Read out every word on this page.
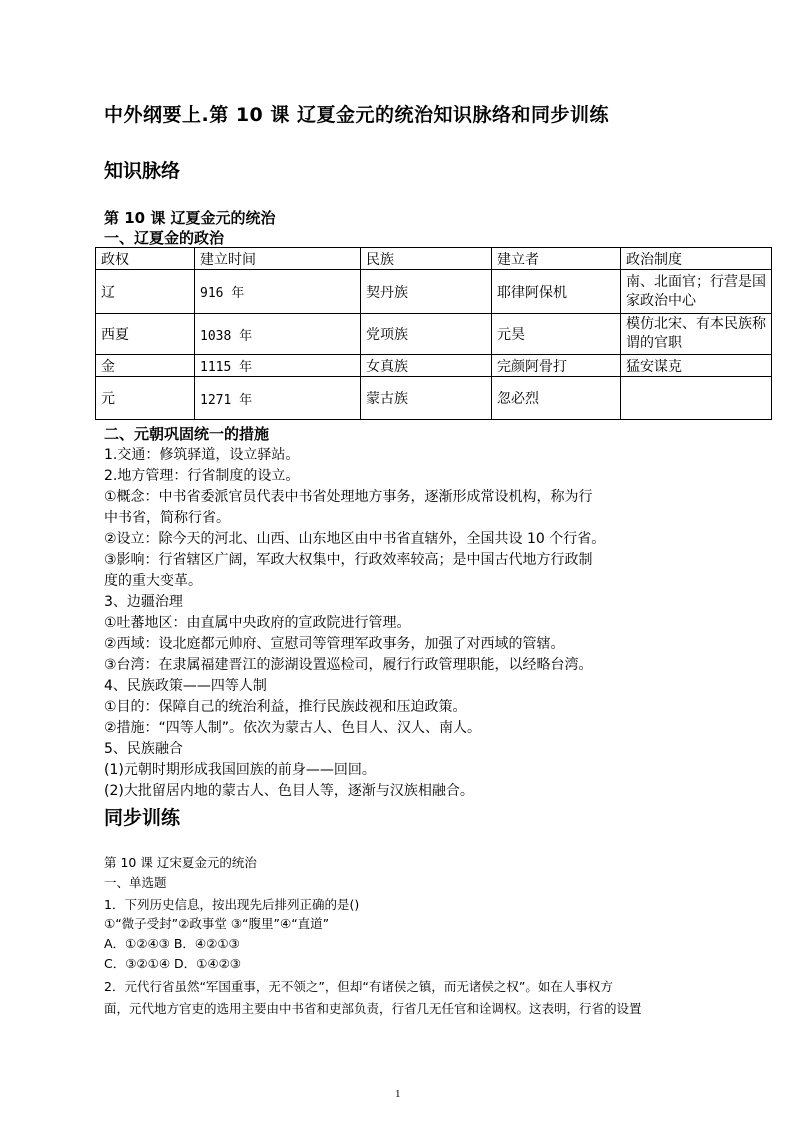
中外纲要上.第 10 课 辽夏金元的统治知识脉络和同步训练
知识脉络
第 10 课 辽夏金元的统治
一、辽夏金的政治
政权	建立时间	民族	建立者	政治制度
辽	916 年	契丹族	耶律阿保机	南、北面官；行营是国家政治中心
西夏	1038 年	党项族	元昊	模仿北宋、有本民族称谓的官职
金	1115 年	女真族	完颜阿骨打	猛安谋克
元	1271 年	蒙古族	忽必烈	
二、元朝巩固统一的措施
1.交通：修筑驿道，设立驿站。
2.地方管理：行省制度的设立。
①概念：中书省委派官员代表中书省处理地方事务，逐渐形成常设机构，称为行
中书省，简称行省。
②设立：除今天的河北、山西、山东地区由中书省直辖外，全国共设 10 个行省。
③影响：行省辖区广阔，军政大权集中，行政效率较高；是中国古代地方行政制
度的重大变革。
3、边疆治理
①吐蕃地区：由直属中央政府的宣政院进行管理。
②西域：设北庭都元帅府、宣慰司等管理军政事务，加强了对西域的管辖。
③台湾：在隶属福建晋江的澎湖设置巡检司，履行行政管理职能，以经略台湾。
4、民族政策——四等人制
①目的：保障自己的统治利益，推行民族歧视和压迫政策。
②措施：“四等人制”。依次为蒙古人、色目人、汉人、南人。
5、民族融合
(1)元朝时期形成我国回族的前身——回回。
(2)大批留居内地的蒙古人、色目人等，逐渐与汉族相融合。
同步训练
第 10 课 辽宋夏金元的统治
一、单选题
1．下列历史信息，按出现先后排列正确的是()
①“微子受封”②政事堂 ③“腹里”④“直道”
A．①②④③ B．④②①③
C．③②①④ D．①④②③
2．元代行省虽然“军国重事，无不领之”，但却“有诸侯之镇，而无诸侯之权”。如在人事权方
面，元代地方官吏的选用主要由中书省和吏部负责，行省几无任官和诠调权。这表明，行省的设置
1
